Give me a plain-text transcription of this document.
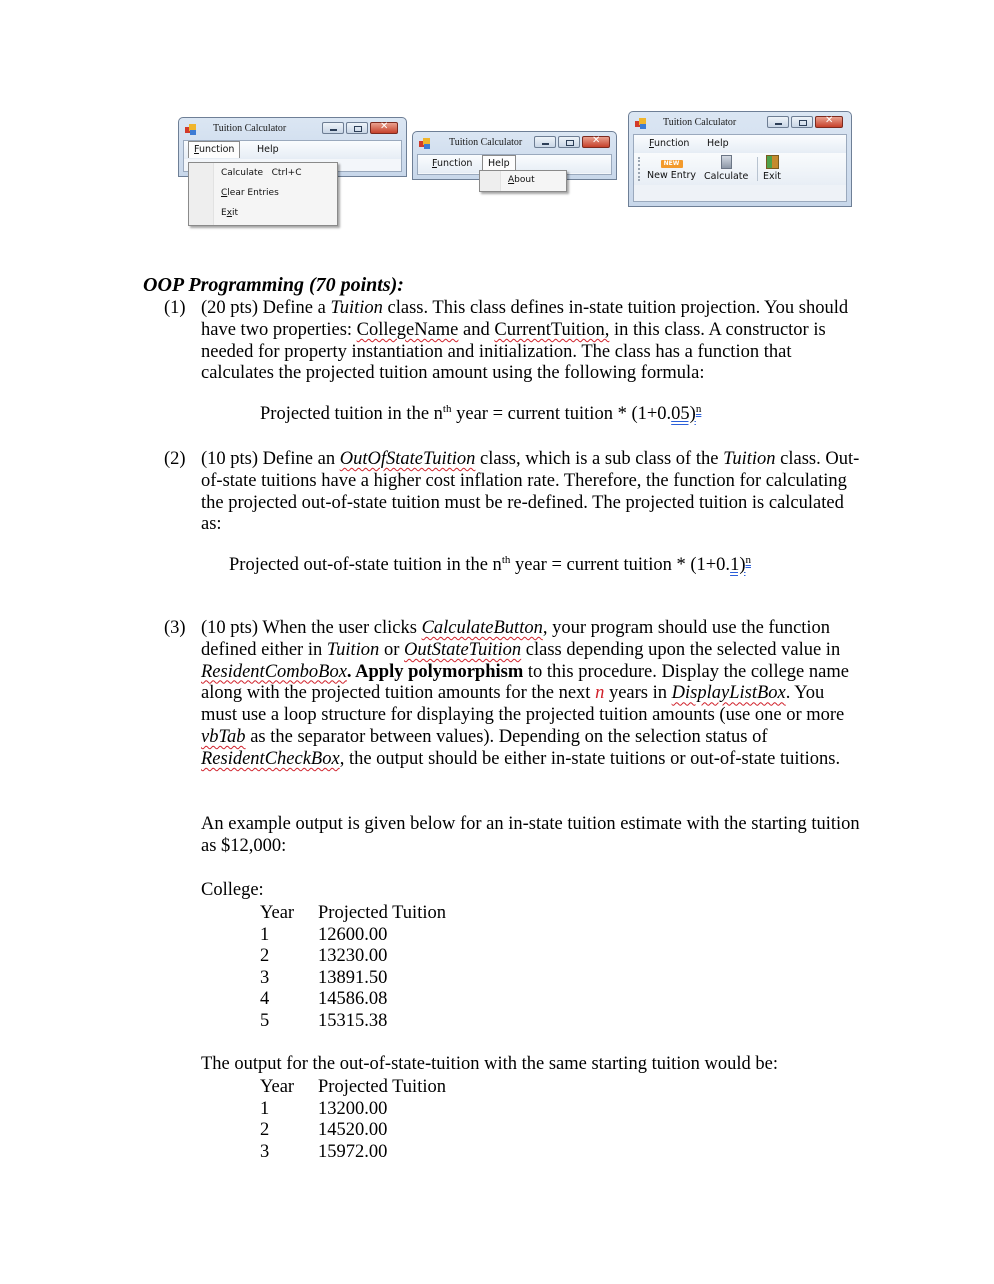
Tuition Calculator
✕
Function	Help
Calculate Ctrl+C
Clear Entries
Exit
Tuition Calculator
✕
Function	Help
About
Tuition Calculator
✕
Function Help
NEW
New Entry Calculate Exit
OOP Programming (70 points):
(1) (20 pts) Define a Tuition class. This class defines in-state tuition projection. You should have two properties: CollegeName and CurrentTuition, in this class. A constructor is needed for property instantiation and initialization. The class has a function that calculates the projected tuition amount using the following formula:
Projected tuition in the $n^{th}$ year = current tuition * $(1+0.05)^n$
(2) (10 pts) Define an OutOfStateTuition class, which is a sub class of the Tuition class. Out-of-state tuitions have a higher cost inflation rate. Therefore, the function for calculating the projected out-of-state tuition must be re-defined. The projected tuition is calculated as:
Projected out-of-state tuition in the $n^{th}$ year = current tuition * $(1+0.1)^n$
(3) (10 pts) When the user clicks CalculateButton, your program should use the function defined either in Tuition or OutStateTuition class depending upon the selected value in ResidentComboBox. Apply polymorphism to this procedure. Display the college name along with the projected tuition amounts for the next n years in DisplayListBox. You must use a loop structure for displaying the projected tuition amounts (use one or more vbTab as the separator between values). Depending on the selection status of ResidentCheckBox, the output should be either in-state tuitions or out-of-state tuitions.
An example output is given below for an in-state tuition estimate with the starting tuition as $12,000:
College:
Year	Projected Tuition
1	12600.00
2	13230.00
3	13891.50
4	14586.08
5	15315.38
The output for the out-of-state-tuition with the same starting tuition would be:
Year	Projected Tuition
1	13200.00
2	14520.00
3	15972.00
